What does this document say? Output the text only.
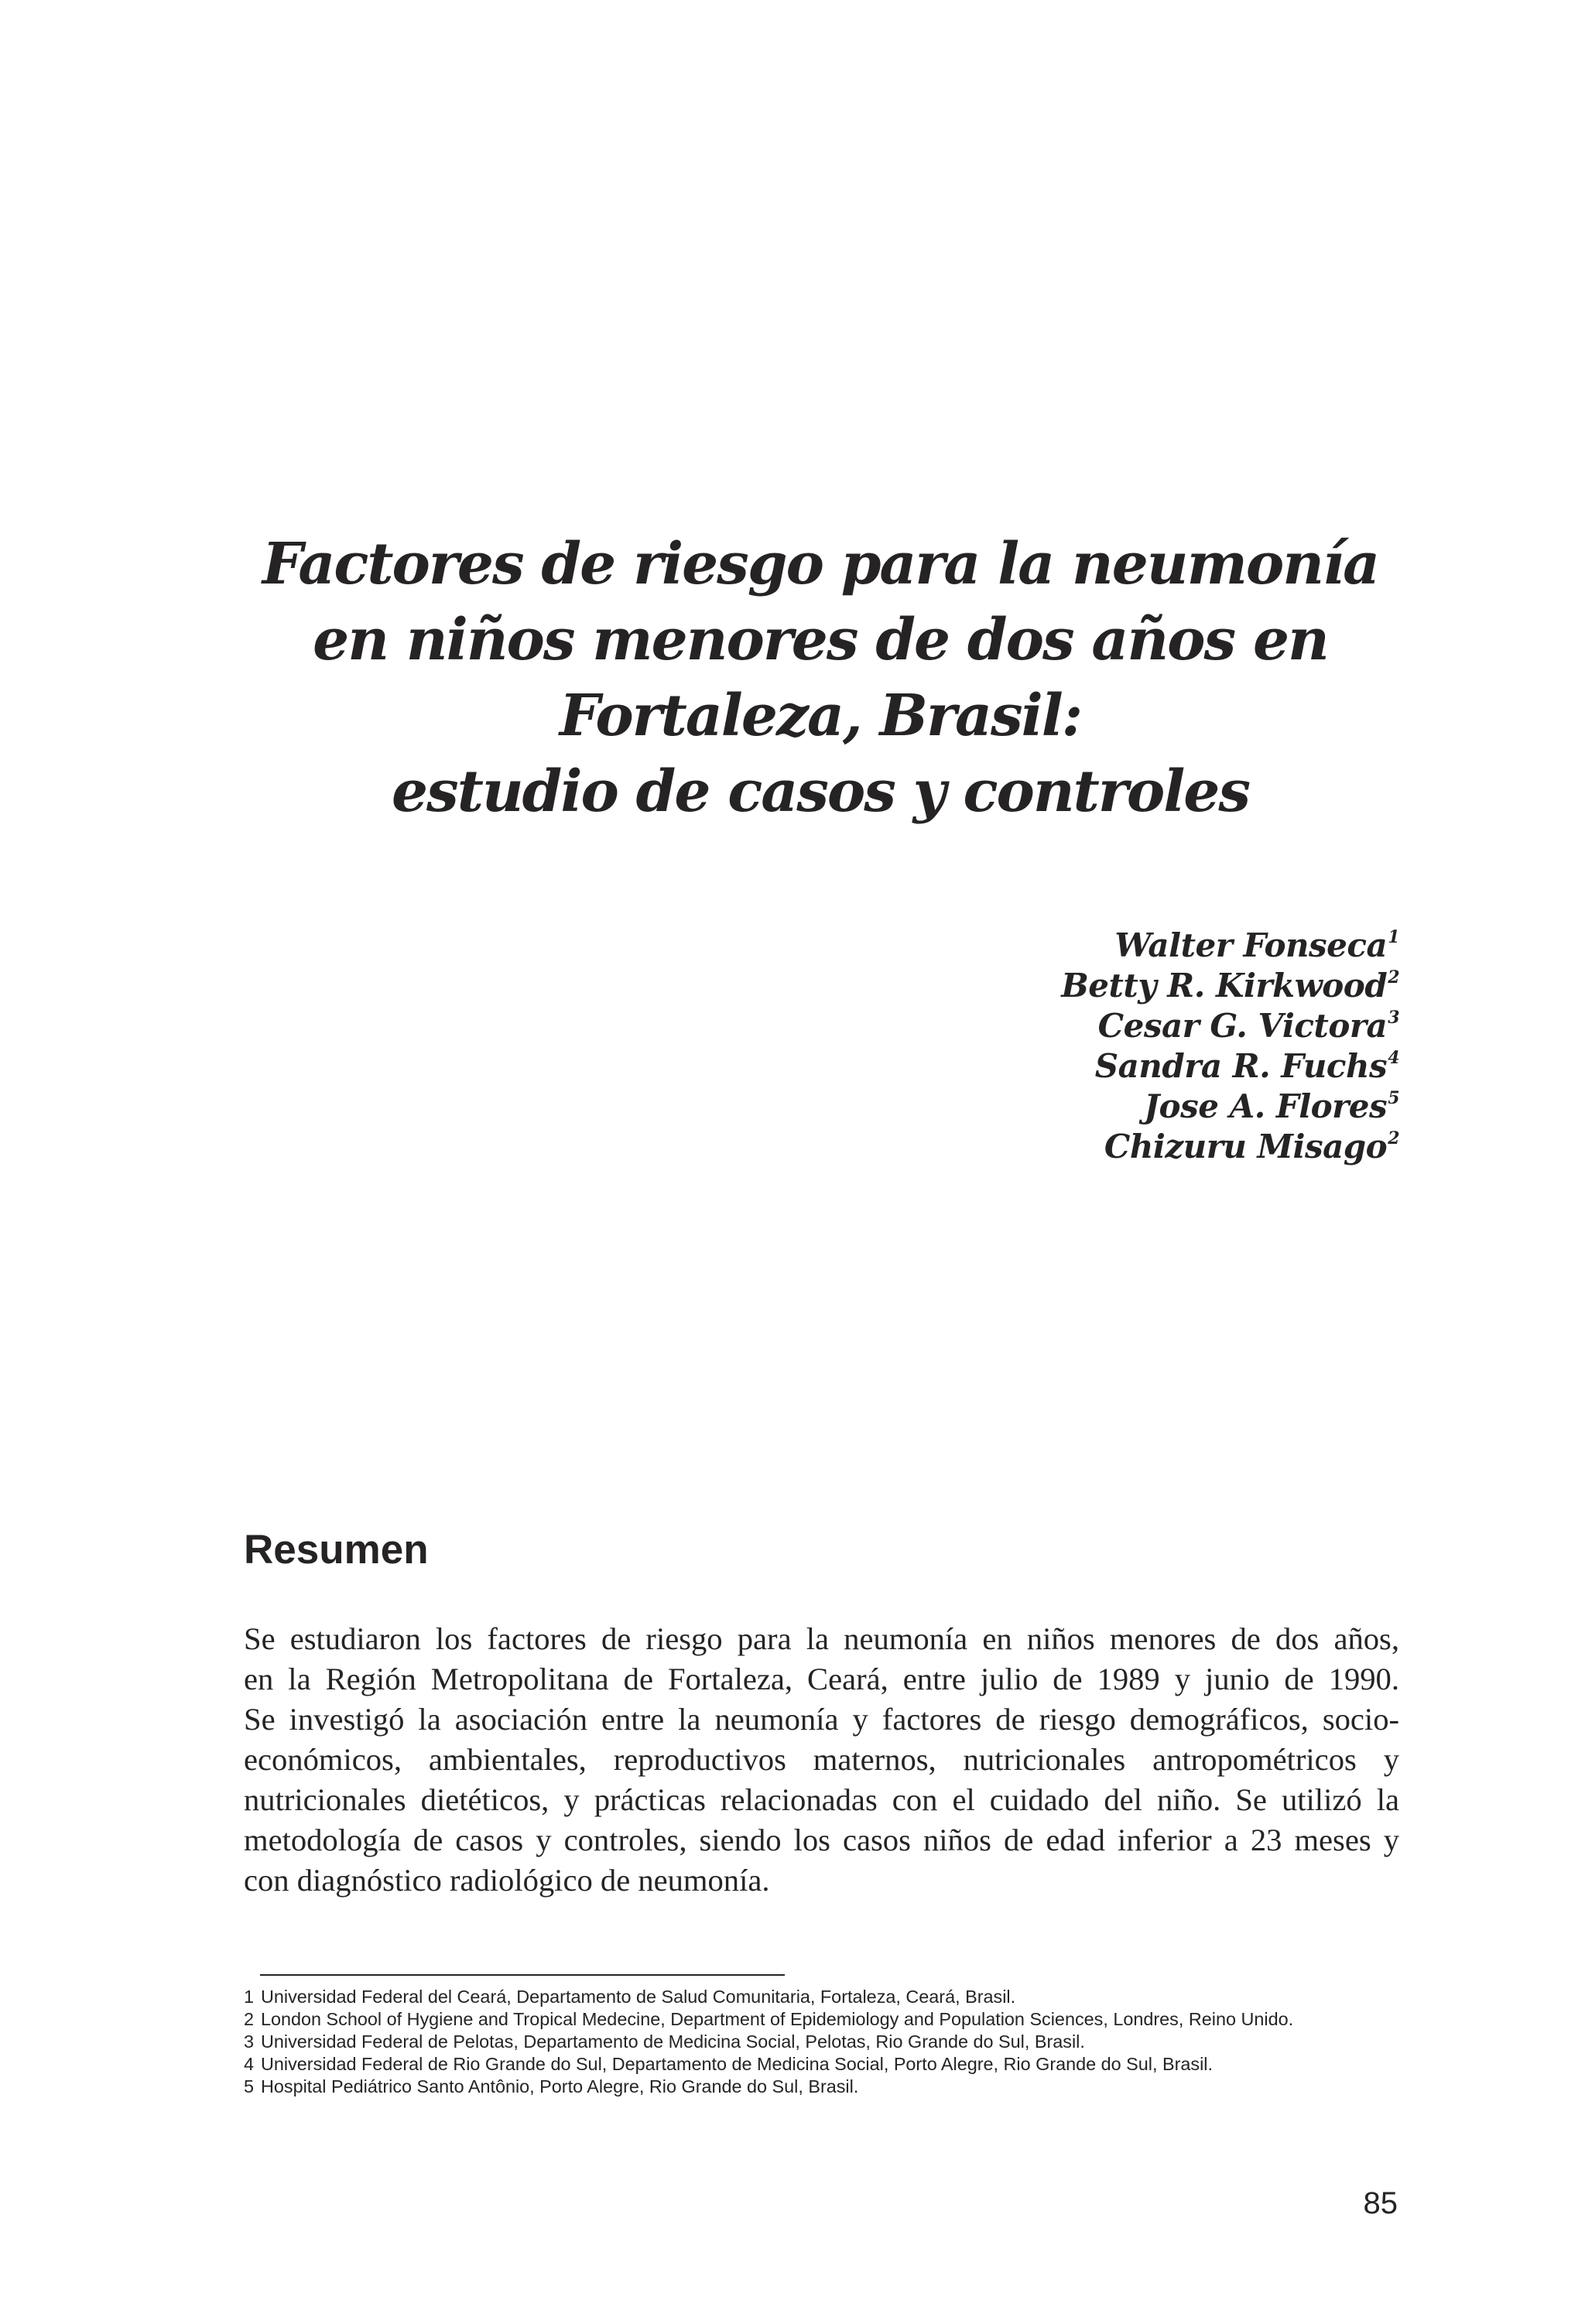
Factores de riesgo para la neumonía
en niños menores de dos años en
Fortaleza, Brasil:
estudio de casos y controles
Walter Fonseca$^1$
Betty R. Kirkwood$^2$
Cesar G. Victora$^3$
Sandra R. Fuchs$^4$
Jose A. Flores$^5$
Chizuru Misago$^2$
Resumen
Se estudiaron los factores de riesgo para la neumonía en niños menores de dos años,
en la Región Metropolitana de Fortaleza, Ceará, entre julio de 1989 y junio de 1990.
Se investigó la asociación entre la neumonía y factores de riesgo demográficos, socio-
económicos, ambientales, reproductivos maternos, nutricionales antropométricos y
nutricionales dietéticos, y prácticas relacionadas con el cuidado del niño. Se utilizó la
metodología de casos y controles, siendo los casos niños de edad inferior a 23 meses y
con diagnóstico radiológico de neumonía.
1 Universidad Federal del Ceará, Departamento de Salud Comunitaria, Fortaleza, Ceará, Brasil.
2 London School of Hygiene and Tropical Medecine, Department of Epidemiology and Population Sciences, Londres, Reino Unido.
3 Universidad Federal de Pelotas, Departamento de Medicina Social, Pelotas, Rio Grande do Sul, Brasil.
4 Universidad Federal de Rio Grande do Sul, Departamento de Medicina Social, Porto Alegre, Rio Grande do Sul, Brasil.
5 Hospital Pediátrico Santo Antônio, Porto Alegre, Rio Grande do Sul, Brasil.
85
